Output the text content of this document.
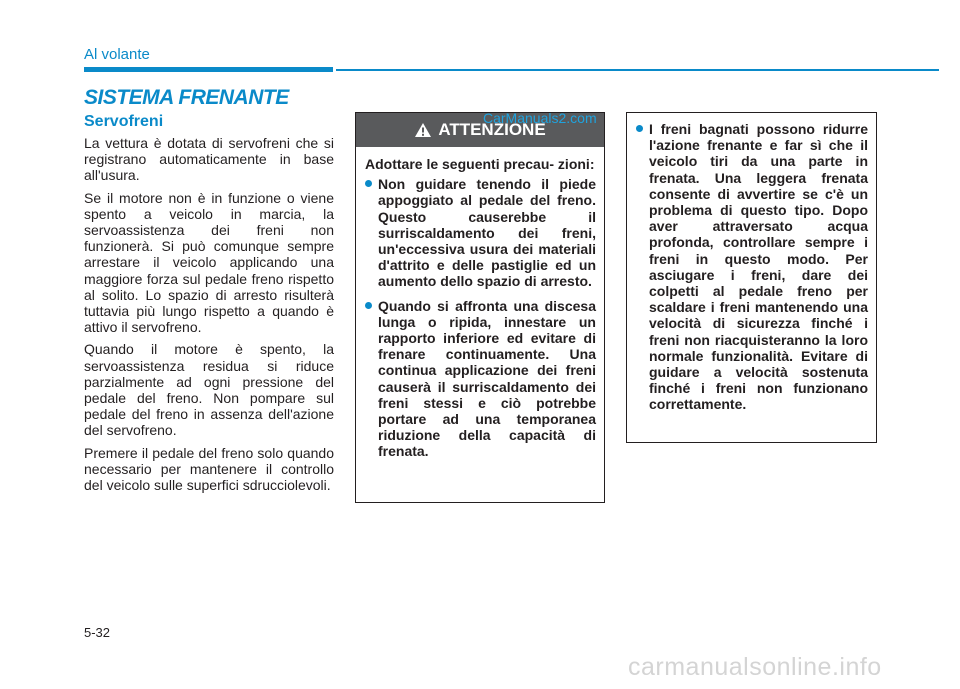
Al volante

SISTEMA FRENANTE
Servofreni

La vettura è dotata di servofreni che si registrano automaticamente in base all'usura.

Se il motore non è in funzione o viene spento a veicolo in marcia, la servoassistenza dei freni non funzionerà. Si può comunque sempre arrestare il veicolo applicando una maggiore forza sul pedale freno rispetto al solito. Lo spazio di arresto risulterà tuttavia più lungo rispetto a quando è attivo il servofreno.

Quando il motore è spento, la servoassistenza residua si riduce parzialmente ad ogni pressione del pedale del freno. Non pompare sul pedale del freno in assenza dell'azione del servofreno.

Premere il pedale del freno solo quando necessario per mantenere il controllo del veicolo sulle superfici sdrucciolevoli.

ATTENZIONE

Adottare le seguenti precau- zioni:

Non guidare tenendo il piede appoggiato al pedale del freno. Questo causerebbe il surriscaldamento dei freni, un'eccessiva usura dei materiali d'attrito e delle pastiglie ed un aumento dello spazio di arresto.
Quando si affronta una discesa lunga o ripida, innestare un rapporto inferiore ed evitare di frenare continuamente. Una continua applicazione dei freni causerà il surriscaldamento dei freni stessi e ciò potrebbe portare ad una temporanea riduzione della capacità di frenata.

CarManuals2.com

I freni bagnati possono ridurre l'azione frenante e far sì che il veicolo tiri da una parte in frenata. Una leggera frenata consente di avvertire se c'è un problema di questo tipo. Dopo aver attraversato acqua profonda, controllare sempre i freni in questo modo. Per asciugare i freni, dare dei colpetti al pedale freno per scaldare i freni mantenendo una velocità di sicurezza finché i freni non riacquisteranno la loro normale funzionalità. Evitare di guidare a velocità sostenuta finché i freni non funzionano correttamente.

5-32

carmanualsonline.info
